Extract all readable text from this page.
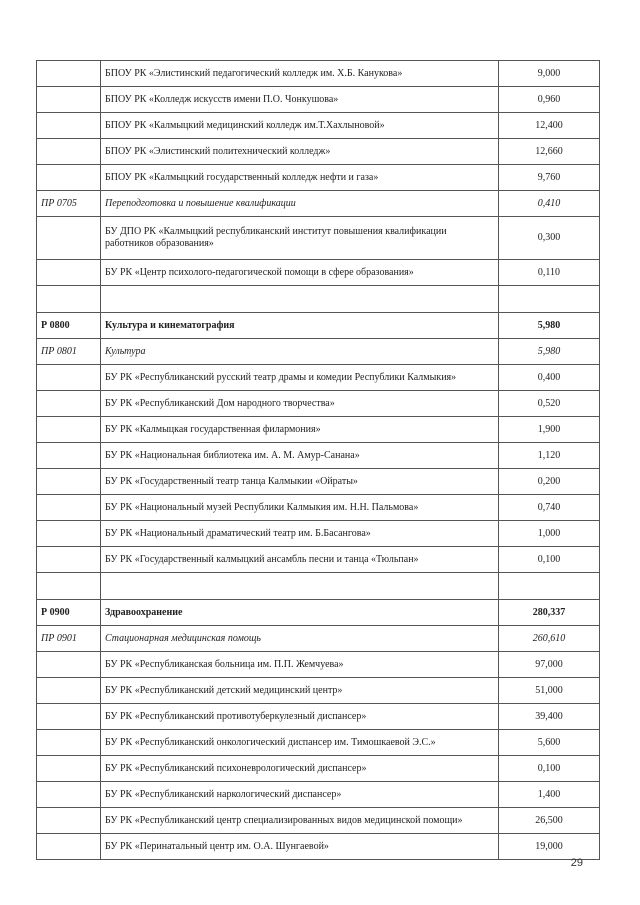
	БПОУ РК «Элистинский педагогический колледж им. Х.Б. Канукова»	9,000
	БПОУ РК «Колледж искусств имени П.О. Чонкушова»	0,960
	БПОУ РК «Калмыцкий медицинский колледж им.Т.Хахлыновой»	12,400
	БПОУ РК «Элистинский политехнический колледж»	12,660
	БПОУ РК «Калмыцкий государственный колледж нефти и газа»	9,760
ПР 0705	Переподготовка и повышение квалификации	0,410
	БУ ДПО РК «Калмыцкий республиканский институт повышения квалификации работников образования»	0,300
	БУ РК «Центр психолого-педагогической помощи в сфере образования»	0,110

Р 0800	Культура и кинематография	5,980
ПР 0801	Культура	5,980
	БУ РК «Республиканский русский театр драмы и комедии Республики Калмыкия»	0,400
	БУ РК «Республиканский Дом народного творчества»	0,520
	БУ РК «Калмыцкая государственная филармония»	1,900
	БУ РК «Национальная библиотека им. А. М. Амур-Санана»	1,120
	БУ РК «Государственный театр танца Калмыкии «Ойраты»	0,200
	БУ РК «Национальный музей Республики Калмыкия им. Н.Н. Пальмова»	0,740
	БУ РК «Национальный драматический театр им. Б.Басангова»	1,000
	БУ РК «Государственный калмыцкий ансамбль песни и танца «Тюльпан»	0,100

Р 0900	Здравоохранение	280,337
ПР 0901	Стационарная медицинская помощь	260,610
	БУ РК «Республиканская больница им. П.П. Жемчуева»	97,000
	БУ РК «Республиканский детский медицинский центр»	51,000
	БУ РК «Республиканский противотуберкулезный диспансер»	39,400
	БУ РК «Республиканский онкологический диспансер им. Тимошкаевой Э.С.»	5,600
	БУ РК «Республиканский психоневрологический диспансер»	0,100
	БУ РК «Республиканский наркологический диспансер»	1,400
	БУ РК «Республиканский центр специализированных видов медицинской помощи»	26,500
	БУ РК «Перинатальный центр им. О.А. Шунгаевой»	19,000
29
